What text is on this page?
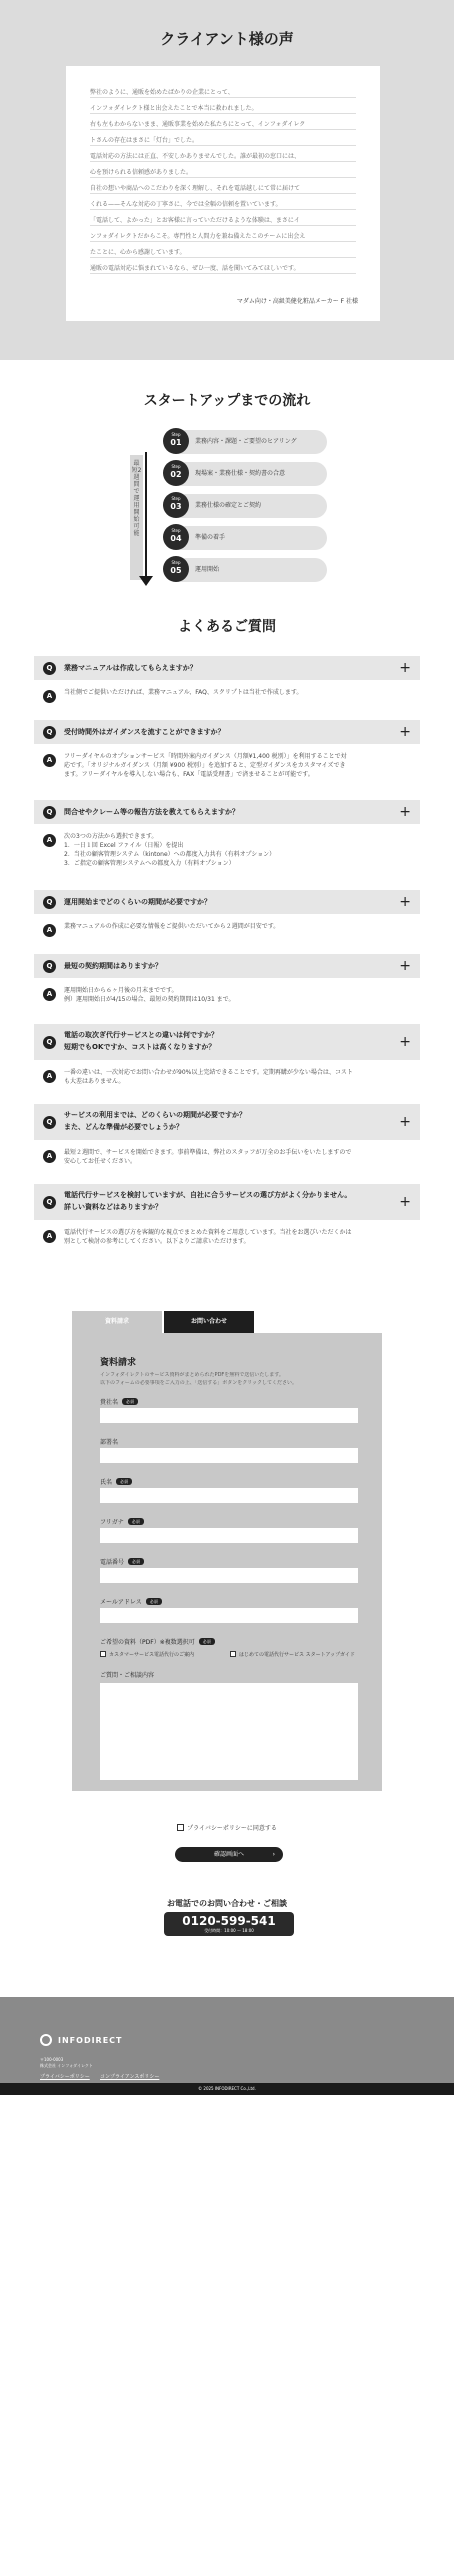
クライアント様の声
弊社のように、通販を始めたばかりの企業にとって、
インフォダイレクト様と出会えたことで本当に救われました。
右も左もわからないまま、通販事業を始めた私たちにとって、インフォダイレク
トさんの存在はまさに「灯台」でした。
電話対応の方法には正直、不安しかありませんでした。誰が最初の窓口には、
心を預けられる信頼感がありました。
自社の想いや商品へのこだわりを深く理解し、それを電話越しにて常に届けて
くれる——そんな対応の丁寧さに、今では全幅の信頼を置いています。
「電話して、よかった」とお客様に言っていただけるような体験は、まさにイ
ンフォダイレクトだからこそ。専門性と人間力を兼ね備えたこのチームに出会え
たことに、心から感謝しています。
通販の電話対応に悩まれているなら、ぜひ一度、話を聞いてみてほしいです。
マダム向け・高級美健化粧品メーカー F 社様
スタートアップまでの流れ
最短2週間で運用開始可能
Step
01	業務内容・課題・ご要望のヒアリング
Step
02	現場案・業務仕様・契約書の合意
Step
03	業務仕様の確定とご契約
Step
04	準備の着手
Step
05	運用開始
よくあるご質問
Q	業務マニュアルは作成してもらえますか？	+
A	当社側でご提供いただければ、業務マニュアル、FAQ、スクリプトは当社で作成します。
Q	受付時間外はガイダンスを流すことができますか？	+
A	フリーダイヤルのオプションサービス「時間外案内ガイダンス（月額¥1,400 税別）」を利用することで対
応です。「オリジナルガイダンス（月額 ¥900 税別）」を追加すると、定型ガイダンスをカスタマイズでき
ます。フリーダイヤルを導入しない場合も、FAX「電話受理書」で済ませることが可能です。
Q	問合せやクレーム等の報告方法を教えてもらえますか？	+
A	次の3つの方法から選択できます。
1．一日１回 Excel ファイル（日報）を提出
2．当社の顧客管理システム（kintone）への都度入力共有（有料オプション）
3．ご指定の顧客管理システムへの都度入力（有料オプション）
Q	運用開始までどのくらいの期間が必要ですか？	+
A	業務マニュアルの作成に必要な情報をご提供いただいてから２週間が目安です。
Q	最短の契約期間はありますか？	+
A	運用開始日から６ヶ月後の月末までです。
例）運用開始日が4/15の場合、最短の契約期間は10/31 まで。
Q
電話の取次ぎ代行サービスとの違いは何ですか？
短期でもOKですか、コストは高くなりますか？	+
A	一番の違いは、一次対応でお問い合わせが90%以上完結できることです。定期再購が少ない場合は、コスト
も大差はありません。
Q
サービスの利用までは、どのくらいの期間が必要ですか？
また、どんな準備が必要でしょうか？	+
A	最短２週間で、サービスを開始できます。事前準備は、弊社のスタッフが万全のお手伝いをいたしますので
安心してお任せください。
Q
電話代行サービスを検討していますが、自社に合うサービスの選び方がよく分かりません。
詳しい資料などはありますか？	+
A	電話代行サービスの選び方を客観的な視点でまとめた資料をご用意しています。当社をお選びいただくかは
別として検討の参考にしてください。以下よりご請求いただけます。
資料請求	お問い合わせ
資料請求
インフォダイレクトのサービス資料がまとめられたPDFを無料で送信いたします。
以下のフォームの必要事項をご入力の上、「送信する」ボタンをクリックしてください。
貴社名 必須
部署名
氏名 必須
フリガナ 必須
電話番号 必須
メールアドレス 必須
ご希望の資料（PDF）※複数選択可 必須
カスタマーサービス電話代行のご案内	はじめての電話代行サービス スタートアップガイド
ご質問・ご相談内容
プライバシーポリシーに同意する
確認画面へ	›
お電話でのお問い合わせ・ご相談
0120-599-541
受付時間：10:00 ～ 18:00
INFODIRECT
〒100-0003
株式会社 インフォダイレクト
プライバシーポリシー コンプライアンスポリシー
© 2025 INFODIRECT Co.,Ltd.
